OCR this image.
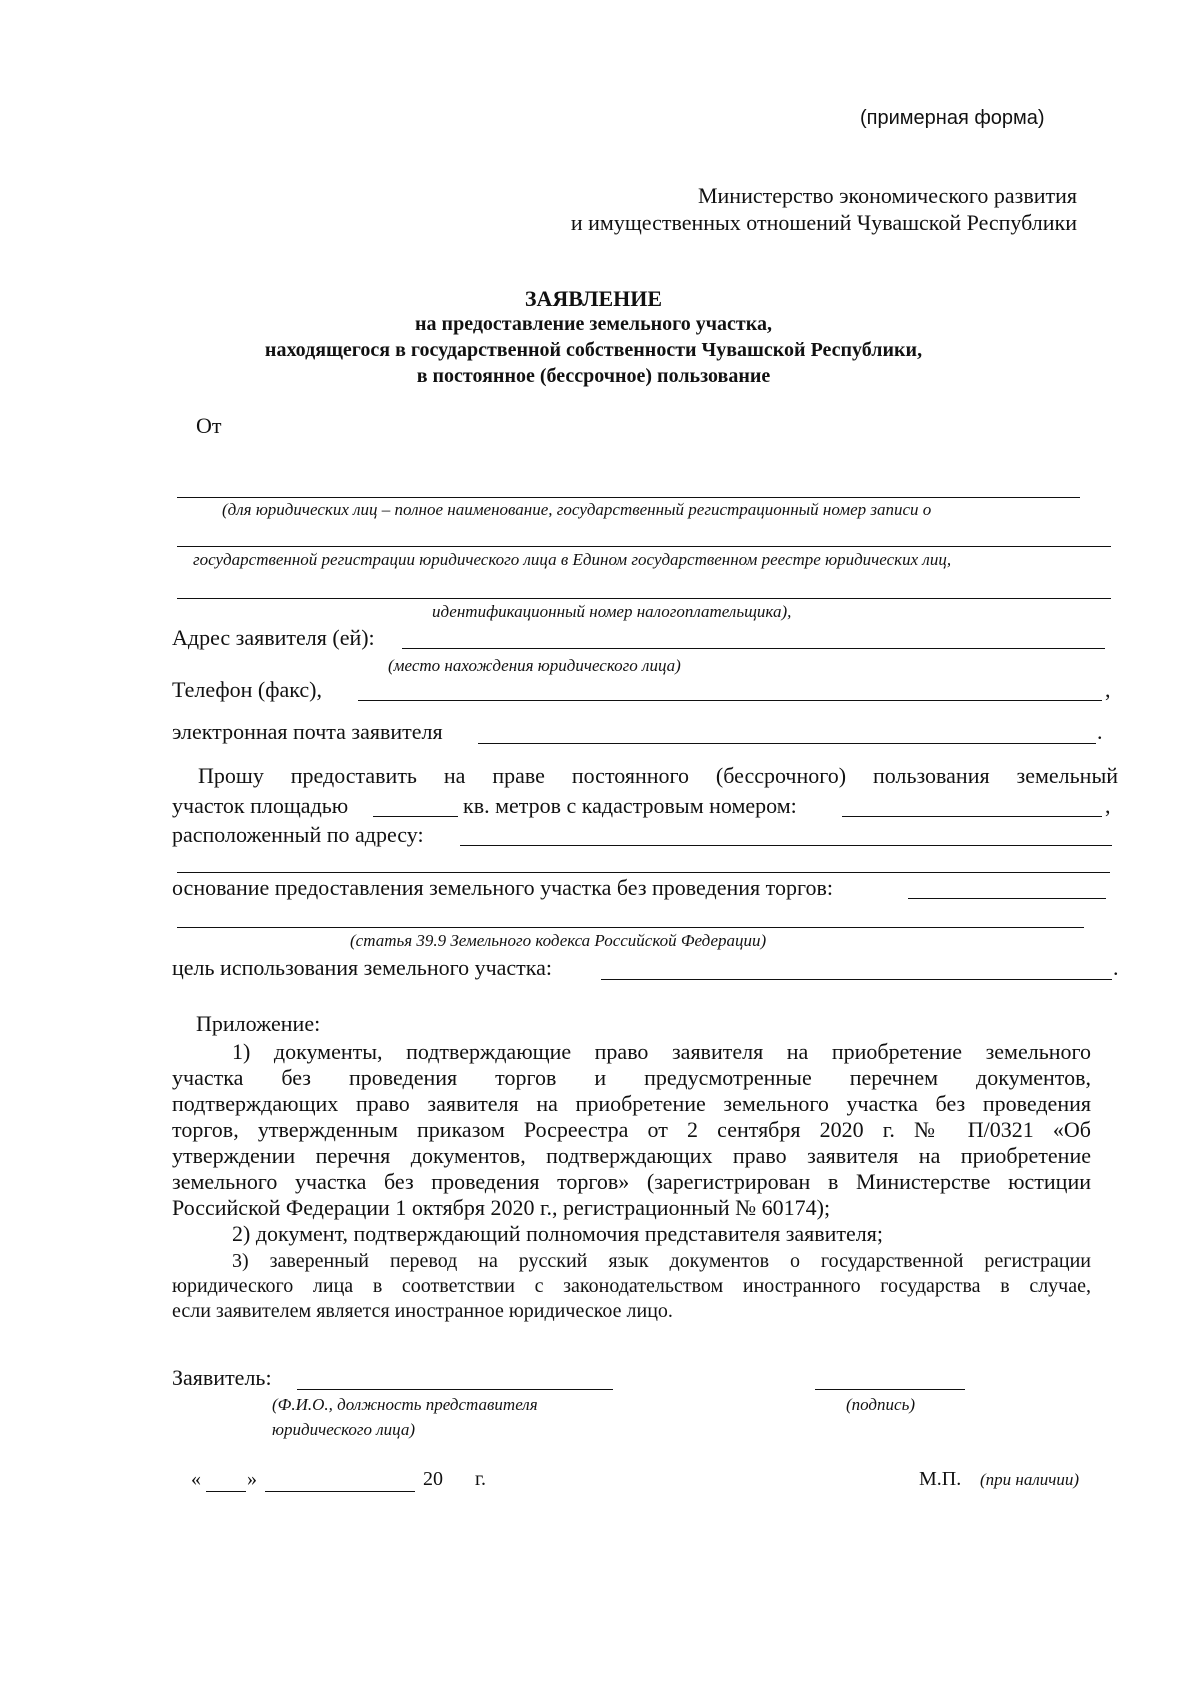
(примерная форма)
Министерство экономического развития
и имущественных отношений Чувашской Республики
ЗАЯВЛЕНИЕ
на предоставление земельного участка,
находящегося в государственной собственности Чувашской Республики,
в постоянное (бессрочное) пользование
От
(для юридических лиц – полное наименование, государственный регистрационный номер записи о
государственной регистрации юридического лица в Едином государственном реестре юридических лиц,
идентификационный номер налогоплательщика),
Адрес заявителя (ей):
(место нахождения юридического лица)
Телефон (факс),	,
электронная почта заявителя	.
Прошу предоставить на праве постоянного (бессрочного) пользования земельный
участок площадью	кв. метров с кадастровым номером:	,
расположенный по адресу:
основание предоставления земельного участка без проведения торгов:
(статья 39.9 Земельного кодекса Российской Федерации)
цель использования земельного участка:	.
Приложение:
1) документы, подтверждающие право заявителя на приобретение земельного
участка без проведения торгов и предусмотренные перечнем документов,
подтверждающих право заявителя на приобретение земельного участка без проведения
торгов, утвержденным приказом Росреестра от 2 сентября 2020 г. № П/0321 «Об
утверждении перечня документов, подтверждающих право заявителя на приобретение
земельного участка без проведения торгов» (зарегистрирован в Министерстве юстиции
Российской Федерации 1 октября 2020 г., регистрационный № 60174);
2) документ, подтверждающий полномочия представителя заявителя;
3) заверенный перевод на русский язык документов о государственной регистрации
юридического лица в соответствии с законодательством иностранного государства в случае,
если заявителем является иностранное юридическое лицо.
Заявитель:
(Ф.И.О., должность представителя
юридического лица)
(подпись)
« »	20 г.	М.П. (при наличии)
